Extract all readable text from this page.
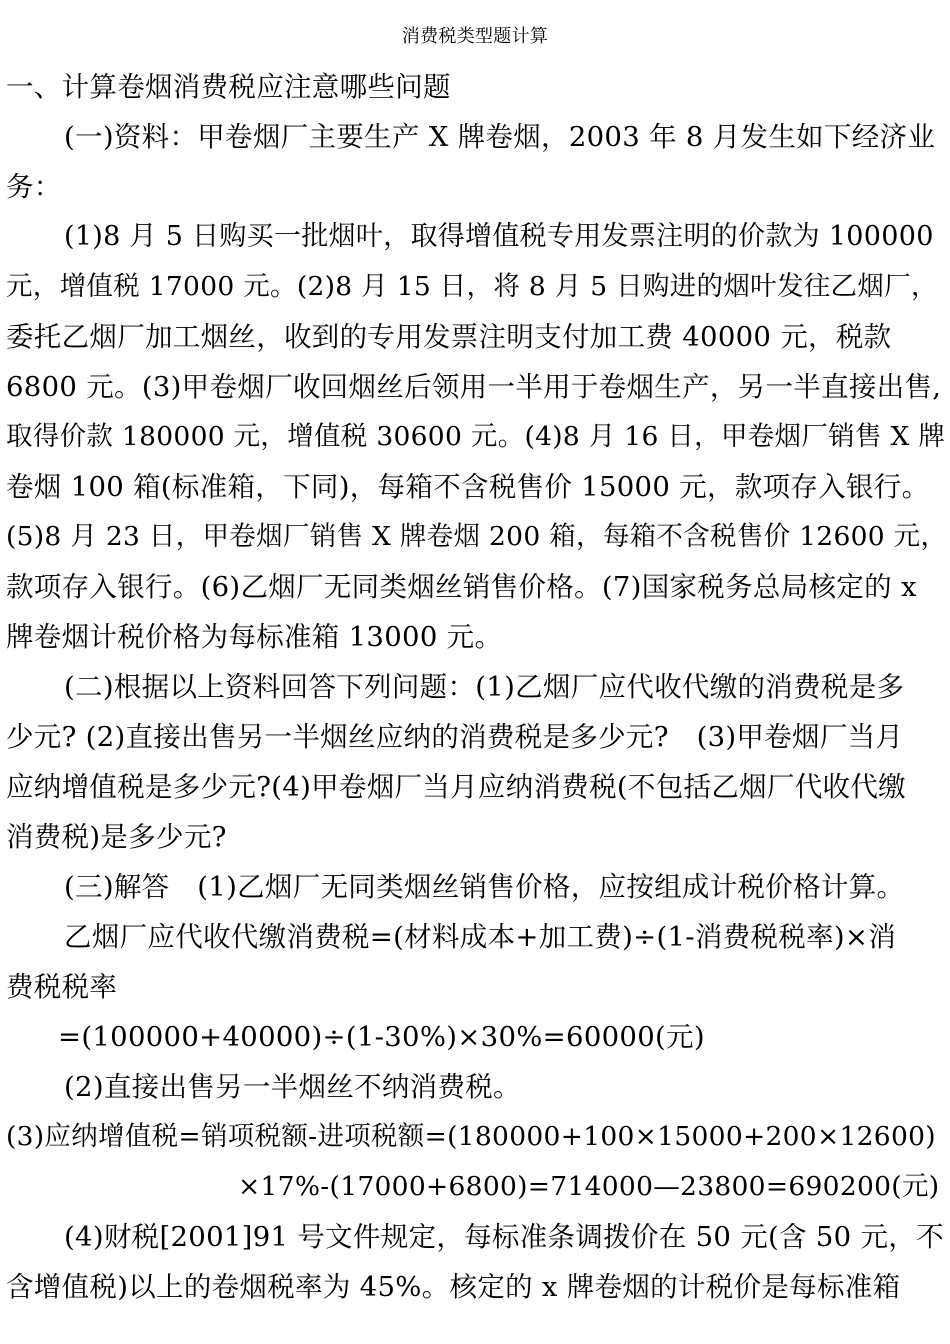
消费税类型题计算
一、计算卷烟消费税应注意哪些问题
(一)资料：甲卷烟厂主要生产 X 牌卷烟，2003 年 8 月发生如下经济业
务：
(1)8 月 5 日购买一批烟叶，取得增值税专用发票注明的价款为 100000
元，增值税 17000 元。(2)8 月 15 日，将 8 月 5 日购进的烟叶发往乙烟厂，
委托乙烟厂加工烟丝，收到的专用发票注明支付加工费 40000 元，税款
6800 元。(3)甲卷烟厂收回烟丝后领用一半用于卷烟生产，另一半直接出售,
取得价款 180000 元，增值税 30600 元。(4)8 月 16 日，甲卷烟厂销售 X 牌
卷烟 100 箱(标准箱，下同)，每箱不含税售价 15000 元，款项存入银行。
(5)8 月 23 日，甲卷烟厂销售 X 牌卷烟 200 箱，每箱不含税售价 12600 元，
款项存入银行。(6)乙烟厂无同类烟丝销售价格。(7)国家税务总局核定的 x
牌卷烟计税价格为每标准箱 13000 元。
(二)根据以上资料回答下列问题：(1)乙烟厂应代收代缴的消费税是多
少元? (2)直接出售另一半烟丝应纳的消费税是多少元?　(3)甲卷烟厂当月
应纳增值税是多少元?(4)甲卷烟厂当月应纳消费税(不包括乙烟厂代收代缴
消费税)是多少元?
(三)解答　(1)乙烟厂无同类烟丝销售价格，应按组成计税价格计算。
乙烟厂应代收代缴消费税=(材料成本+加工费)÷(1-消费税税率)×消
费税税率
=(100000+40000)÷(1-30%)×30%=60000(元)
(2)直接出售另一半烟丝不纳消费税。
(3)应纳增值税=销项税额-进项税额=(180000+100×15000+200×12600)
×17%-(17000+6800)=714000—23800=690200(元)
(4)财税[2001]91 号文件规定，每标准条调拨价在 50 元(含 50 元，不
含增值税)以上的卷烟税率为 45%。核定的 x 牌卷烟的计税价是每标准箱
